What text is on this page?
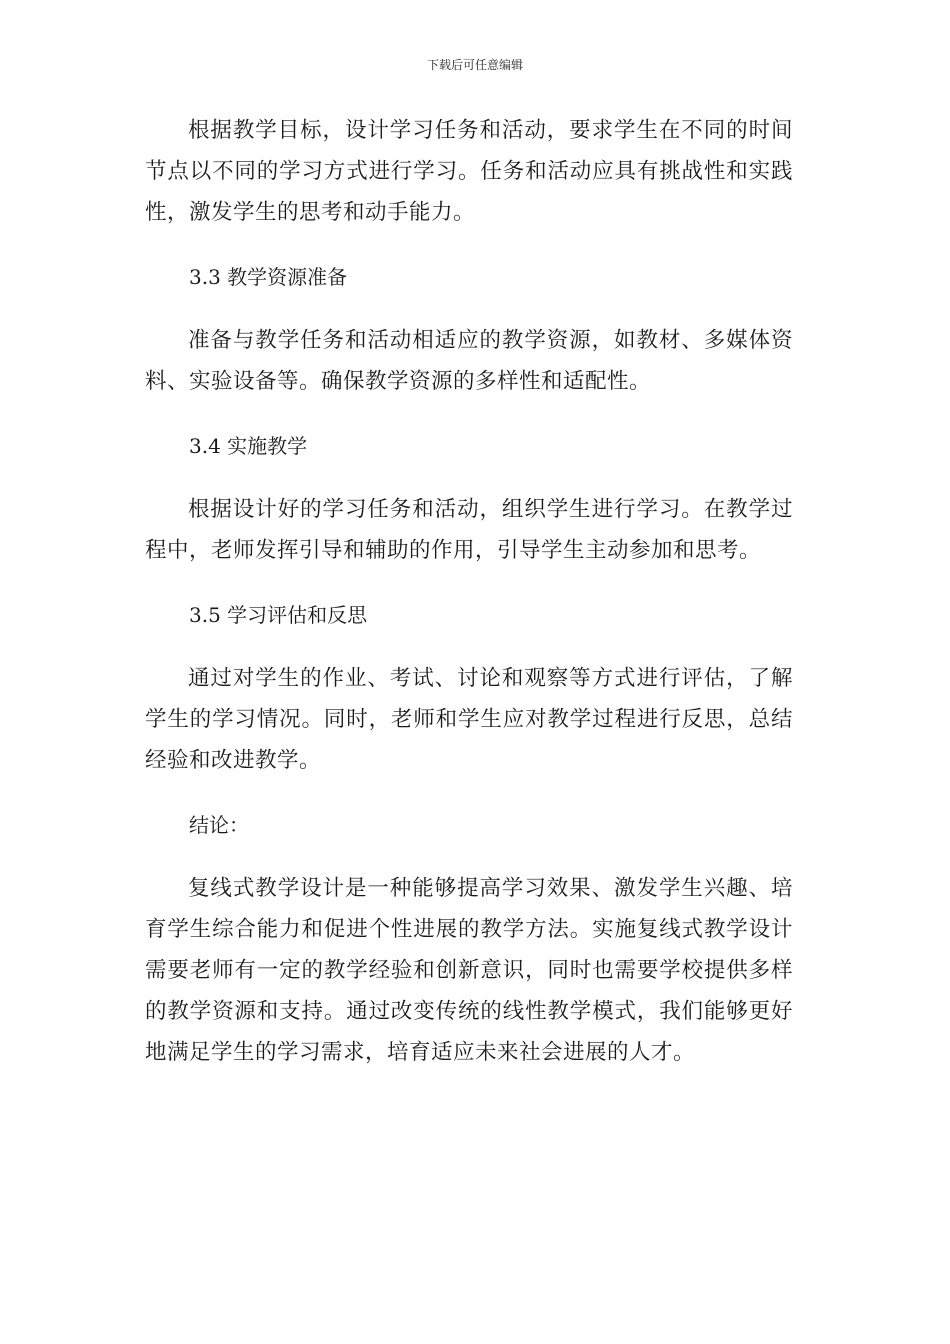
下载后可任意编辑

根据教学目标，设计学习任务和活动，要求学生在不同的时间节点以不同的学习方式进行学习。任务和活动应具有挑战性和实践性，激发学生的思考和动手能力。

3.3 教学资源准备

准备与教学任务和活动相适应的教学资源，如教材、多媒体资料、实验设备等。确保教学资源的多样性和适配性。

3.4 实施教学

根据设计好的学习任务和活动，组织学生进行学习。在教学过程中，老师发挥引导和辅助的作用，引导学生主动参加和思考。

3.5 学习评估和反思

通过对学生的作业、考试、讨论和观察等方式进行评估，了解学生的学习情况。同时，老师和学生应对教学过程进行反思，总结经验和改进教学。

结论：

复线式教学设计是一种能够提高学习效果、激发学生兴趣、培育学生综合能力和促进个性进展的教学方法。实施复线式教学设计需要老师有一定的教学经验和创新意识，同时也需要学校提供多样的教学资源和支持。通过改变传统的线性教学模式，我们能够更好地满足学生的学习需求，培育适应未来社会进展的人才。
